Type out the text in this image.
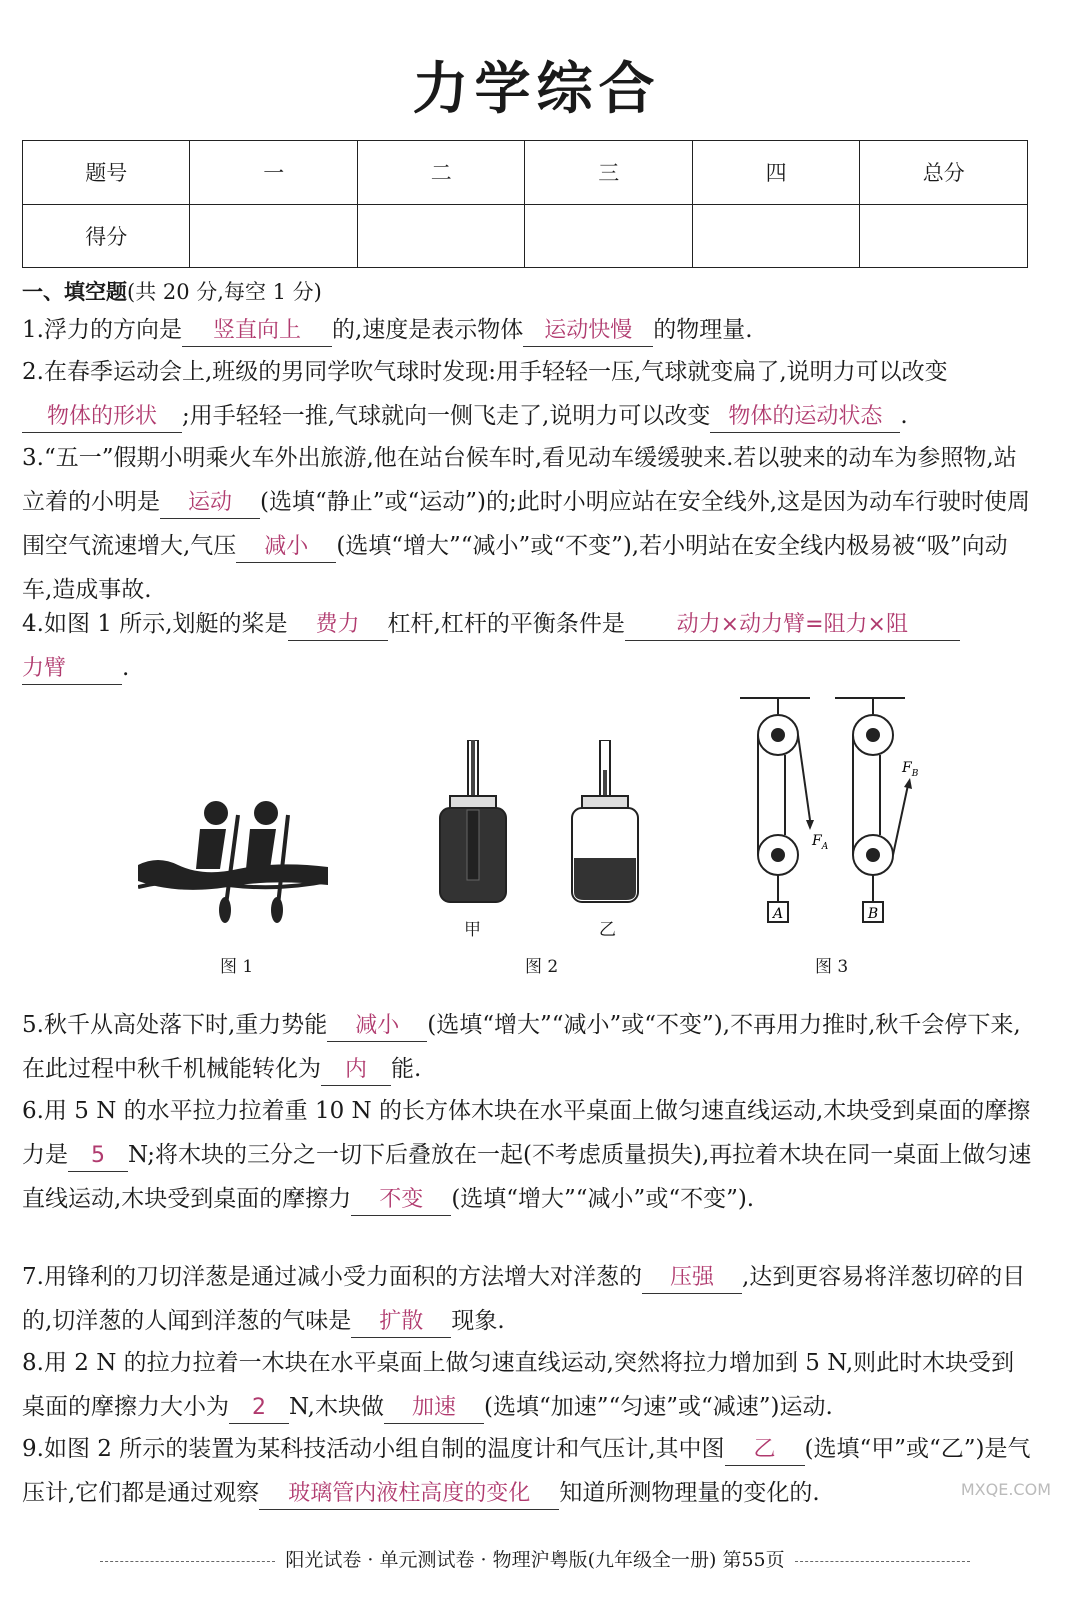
力学综合
题号	一	二	三	四	总分
得分					
一、填空题(共 20 分,每空 1 分)
1.浮力的方向是 竖直向上 的,速度是表示物体 运动快慢 的物理量.
2.在春季运动会上,班级的男同学吹气球时发现:用手轻轻一压,气球就变扁了,说明力可以改变
物体的形状 ;用手轻轻一推,气球就向一侧飞走了,说明力可以改变 物体的运动状态 .
3.“五一”假期小明乘火车外出旅游,他在站台候车时,看见动车缓缓驶来.若以驶来的动车为参照物,站立着的小明是 运动 (选填“静止”或“运动”)的;此时小明应站在安全线外,这是因为动车行驶时使周围空气流速增大,气压 减小 (选填“增大”“减小”或“不变”),若小明站在安全线内极易被“吸”向动车,造成事故.
4.如图 1 所示,划艇的桨是 费力 杠杆,杠杆的平衡条件是 动力×动力臂=阻力×阻
力臂 .
图 1
甲	乙
图 2
A	B
$F_A$
$F_B$
图 3
5.秋千从高处落下时,重力势能 减小 (选填“增大”“减小”或“不变”),不再用力推时,秋千会停下来,在此过程中秋千机械能转化为 内 能.
6.用 5 N 的水平拉力拉着重 10 N 的长方体木块在水平桌面上做匀速直线运动,木块受到桌面的摩擦力是 5 N;将木块的三分之一切下后叠放在一起(不考虑质量损失),再拉着木块在同一桌面上做匀速直线运动,木块受到桌面的摩擦力 不变 (选填“增大”“减小”或“不变”).
7.用锋利的刀切洋葱是通过减小受力面积的方法增大对洋葱的 压强 ,达到更容易将洋葱切碎的目的,切洋葱的人闻到洋葱的气味是 扩散 现象.
8.用 2 N 的拉力拉着一木块在水平桌面上做匀速直线运动,突然将拉力增加到 5 N,则此时木块受到桌面的摩擦力大小为 2 N,木块做 加速 (选填“加速”“匀速”或“减速”)运动.
9.如图 2 所示的装置为某科技活动小组自制的温度计和气压计,其中图 乙 (选填“甲”或“乙”)是气压计,它们都是通过观察 玻璃管内液柱高度的变化 知道所测物理量的变化的.
阳光试卷 · 单元测试卷 · 物理沪粤版(九年级全一册) 第55页
MXQE.COM
